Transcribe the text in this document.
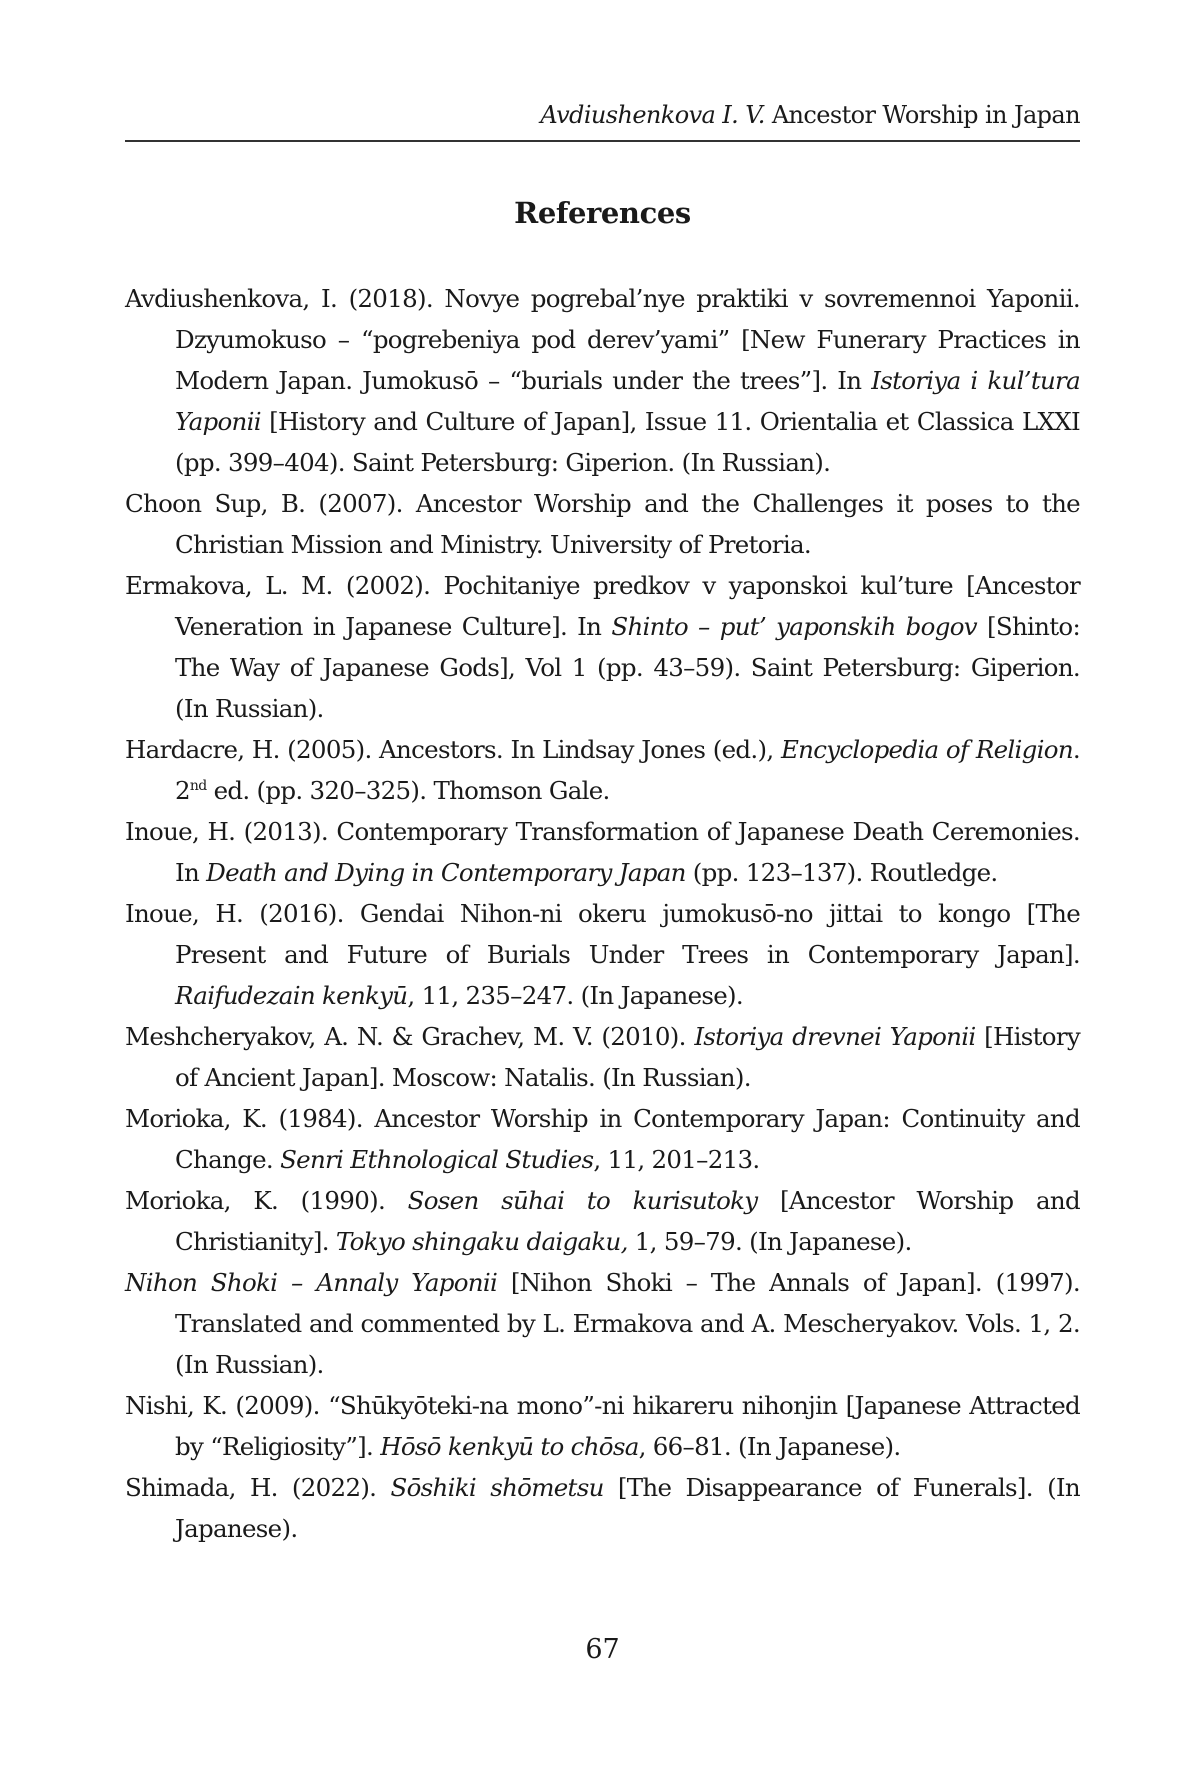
Avdiushenkova I. V. Ancestor Worship in Japan
References
Avdiushenkova, I. (2018). Novye pogrebal’nye praktiki v sovremennoi Yaponii. Dzyumokuso – “pogrebeniya pod derev’yami” [New Funerary Practices in Modern Japan. Jumokusō – “burials under the trees”]. In Istoriya i kul’tura Yaponii [History and Culture of Japan], Issue 11. Orientalia et Classica LXXI (pp. 399–404). Saint Petersburg: Giperion. (In Russian).
Choon Sup, B. (2007). Ancestor Worship and the Challenges it poses to the Christian Mission and Ministry. University of Pretoria.
Ermakova, L. M. (2002). Pochitaniye predkov v yaponskoi kul’ture [Ancestor Veneration in Japanese Culture]. In Shinto – put’ yaponskih bogov [Shinto: The Way of Japanese Gods], Vol 1 (pp. 43–59). Saint Petersburg: Giperion. (In Russian).
Hardacre, H. (2005). Ancestors. In Lindsay Jones (ed.), Encyclopedia of Religion. 2nd ed. (pp. 320–325). Thomson Gale.
Inoue, H. (2013). Contemporary Transformation of Japanese Death Ceremonies. In Death and Dying in Contemporary Japan (pp. 123–137). Routledge.
Inoue, H. (2016). Gendai Nihon-ni okeru jumokusō-no jittai to kongo [The Present and Future of Burials Under Trees in Contemporary Japan]. Raifudezain kenkyū, 11, 235–247. (In Japanese).
Meshcheryakov, A. N. & Grachev, M. V. (2010). Istoriya drevnei Yaponii [History of Ancient Japan]. Moscow: Natalis. (In Russian).
Morioka, K. (1984). Ancestor Worship in Contemporary Japan: Continuity and Change. Senri Ethnological Studies, 11, 201–213.
Morioka, K. (1990). Sosen sūhai to kurisutoky [Ancestor Worship and Christianity]. Tokyo shingaku daigaku, 1, 59–79. (In Japanese).
Nihon Shoki – Annaly Yaponii [Nihon Shoki – The Annals of Japan]. (1997). Translated and commented by L. Ermakova and A. Mescheryakov. Vols. 1, 2. (In Russian).
Nishi, K. (2009). “Shūkyōteki-na mono”-ni hikareru nihonjin [Japanese Attracted by “Religiosity”]. Hōsō kenkyū to chōsa, 66–81. (In Japanese).
Shimada, H. (2022). Sōshiki shōmetsu [The Disappearance of Funerals]. (In Japanese).
67
